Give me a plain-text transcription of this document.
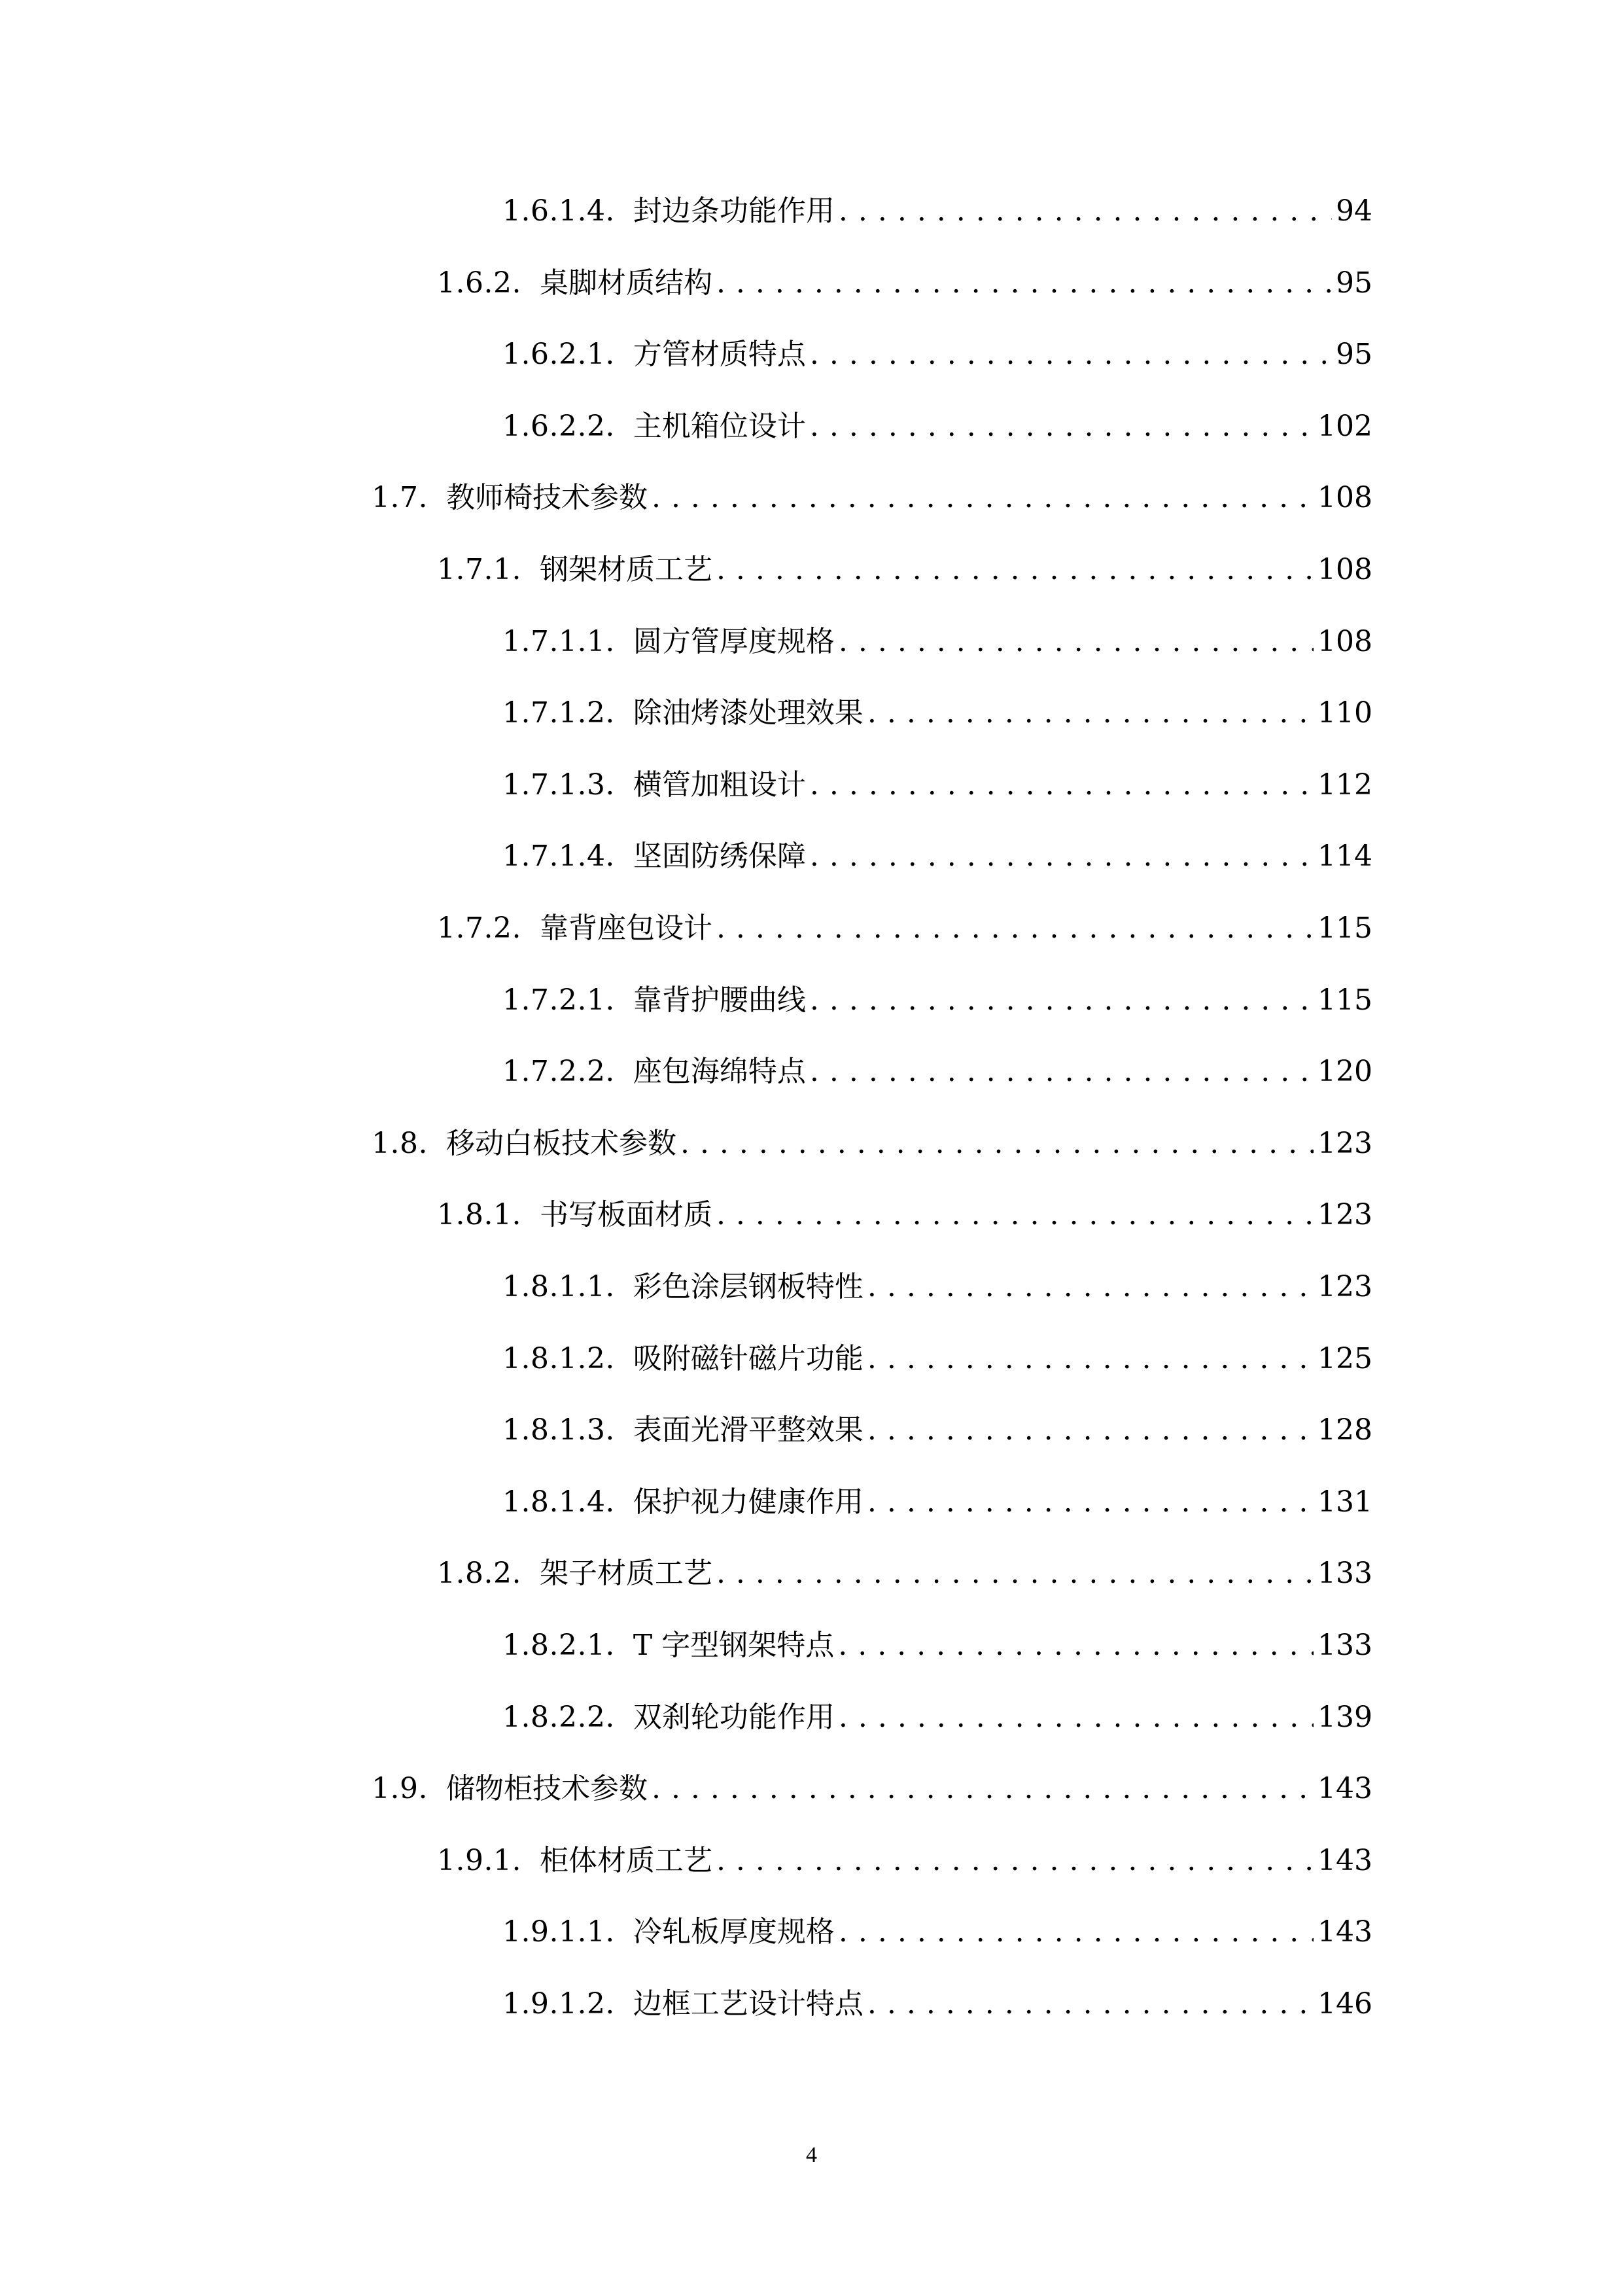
1.6.1.4. 封边条功能作用 . . .	94
1.6.2. 桌脚材质结构 . . .	95
1.6.2.1. 方管材质特点 . . .	95
1.6.2.2. 主机箱位设计 . . .	102
1.7. 教师椅技术参数 . . .	108
1.7.1. 钢架材质工艺 . . .	108
1.7.1.1. 圆方管厚度规格 . . .	108
1.7.1.2. 除油烤漆处理效果 . . .	110
1.7.1.3. 横管加粗设计 . . .	112
1.7.1.4. 坚固防绣保障 . . .	114
1.7.2. 靠背座包设计 . . .	115
1.7.2.1. 靠背护腰曲线 . . .	115
1.7.2.2. 座包海绵特点 . . .	120
1.8. 移动白板技术参数 . . .	123
1.8.1. 书写板面材质 . . .	123
1.8.1.1. 彩色涂层钢板特性 . . .	123
1.8.1.2. 吸附磁针磁片功能 . . .	125
1.8.1.3. 表面光滑平整效果 . . .	128
1.8.1.4. 保护视力健康作用 . . .	131
1.8.2. 架子材质工艺 . . .	133
1.8.2.1. T 字型钢架特点 . . .	133
1.8.2.2. 双刹轮功能作用 . . .	139
1.9. 储物柜技术参数 . . .	143
1.9.1. 柜体材质工艺 . . .	143
1.9.1.1. 冷轧板厚度规格 . . .	143
1.9.1.2. 边框工艺设计特点 . . .	146
4
